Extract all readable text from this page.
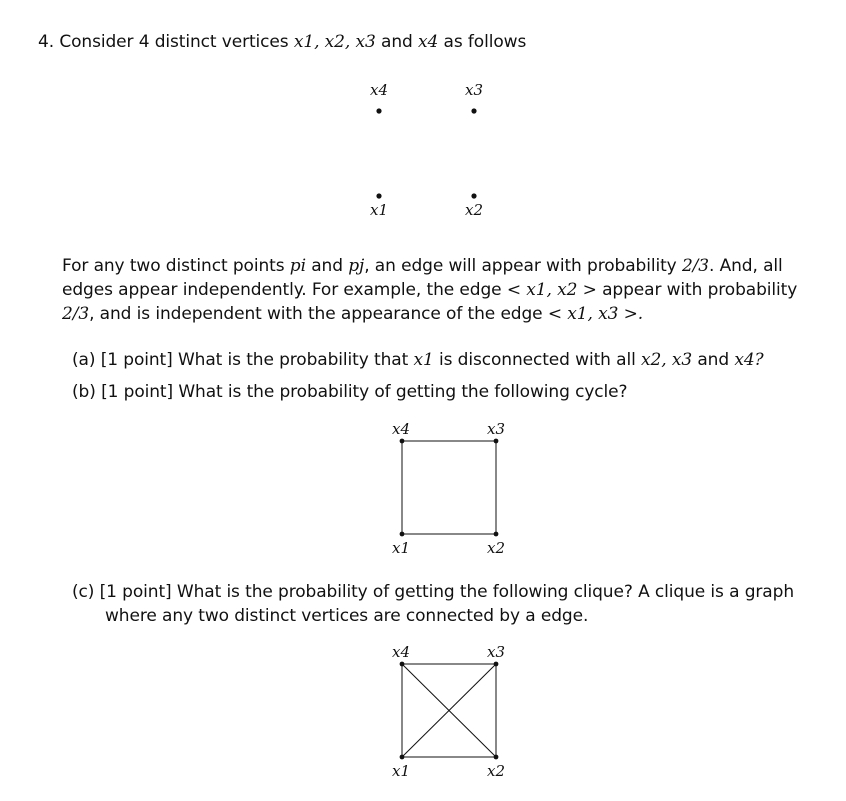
4. Consider 4 distinct vertices x1, x2, x3 and x4 as follows
x4	x3
x1	x2
For any two distinct points pi and pj, an edge will appear with probability 2/3. And, all
edges appear independently. For example, the edge < x1, x2 > appear with probability
2/3, and is independent with the appearance of the edge < x1, x3 >.
(a) [1 point] What is the probability that x1 is disconnected with all x2, x3 and x4?
(b) [1 point] What is the probability of getting the following cycle?
x4	x3
x1	x2
(c) [1 point] What is the probability of getting the following clique? A clique is a graph
where any two distinct vertices are connected by a edge.
x4	x3
x1	x2
